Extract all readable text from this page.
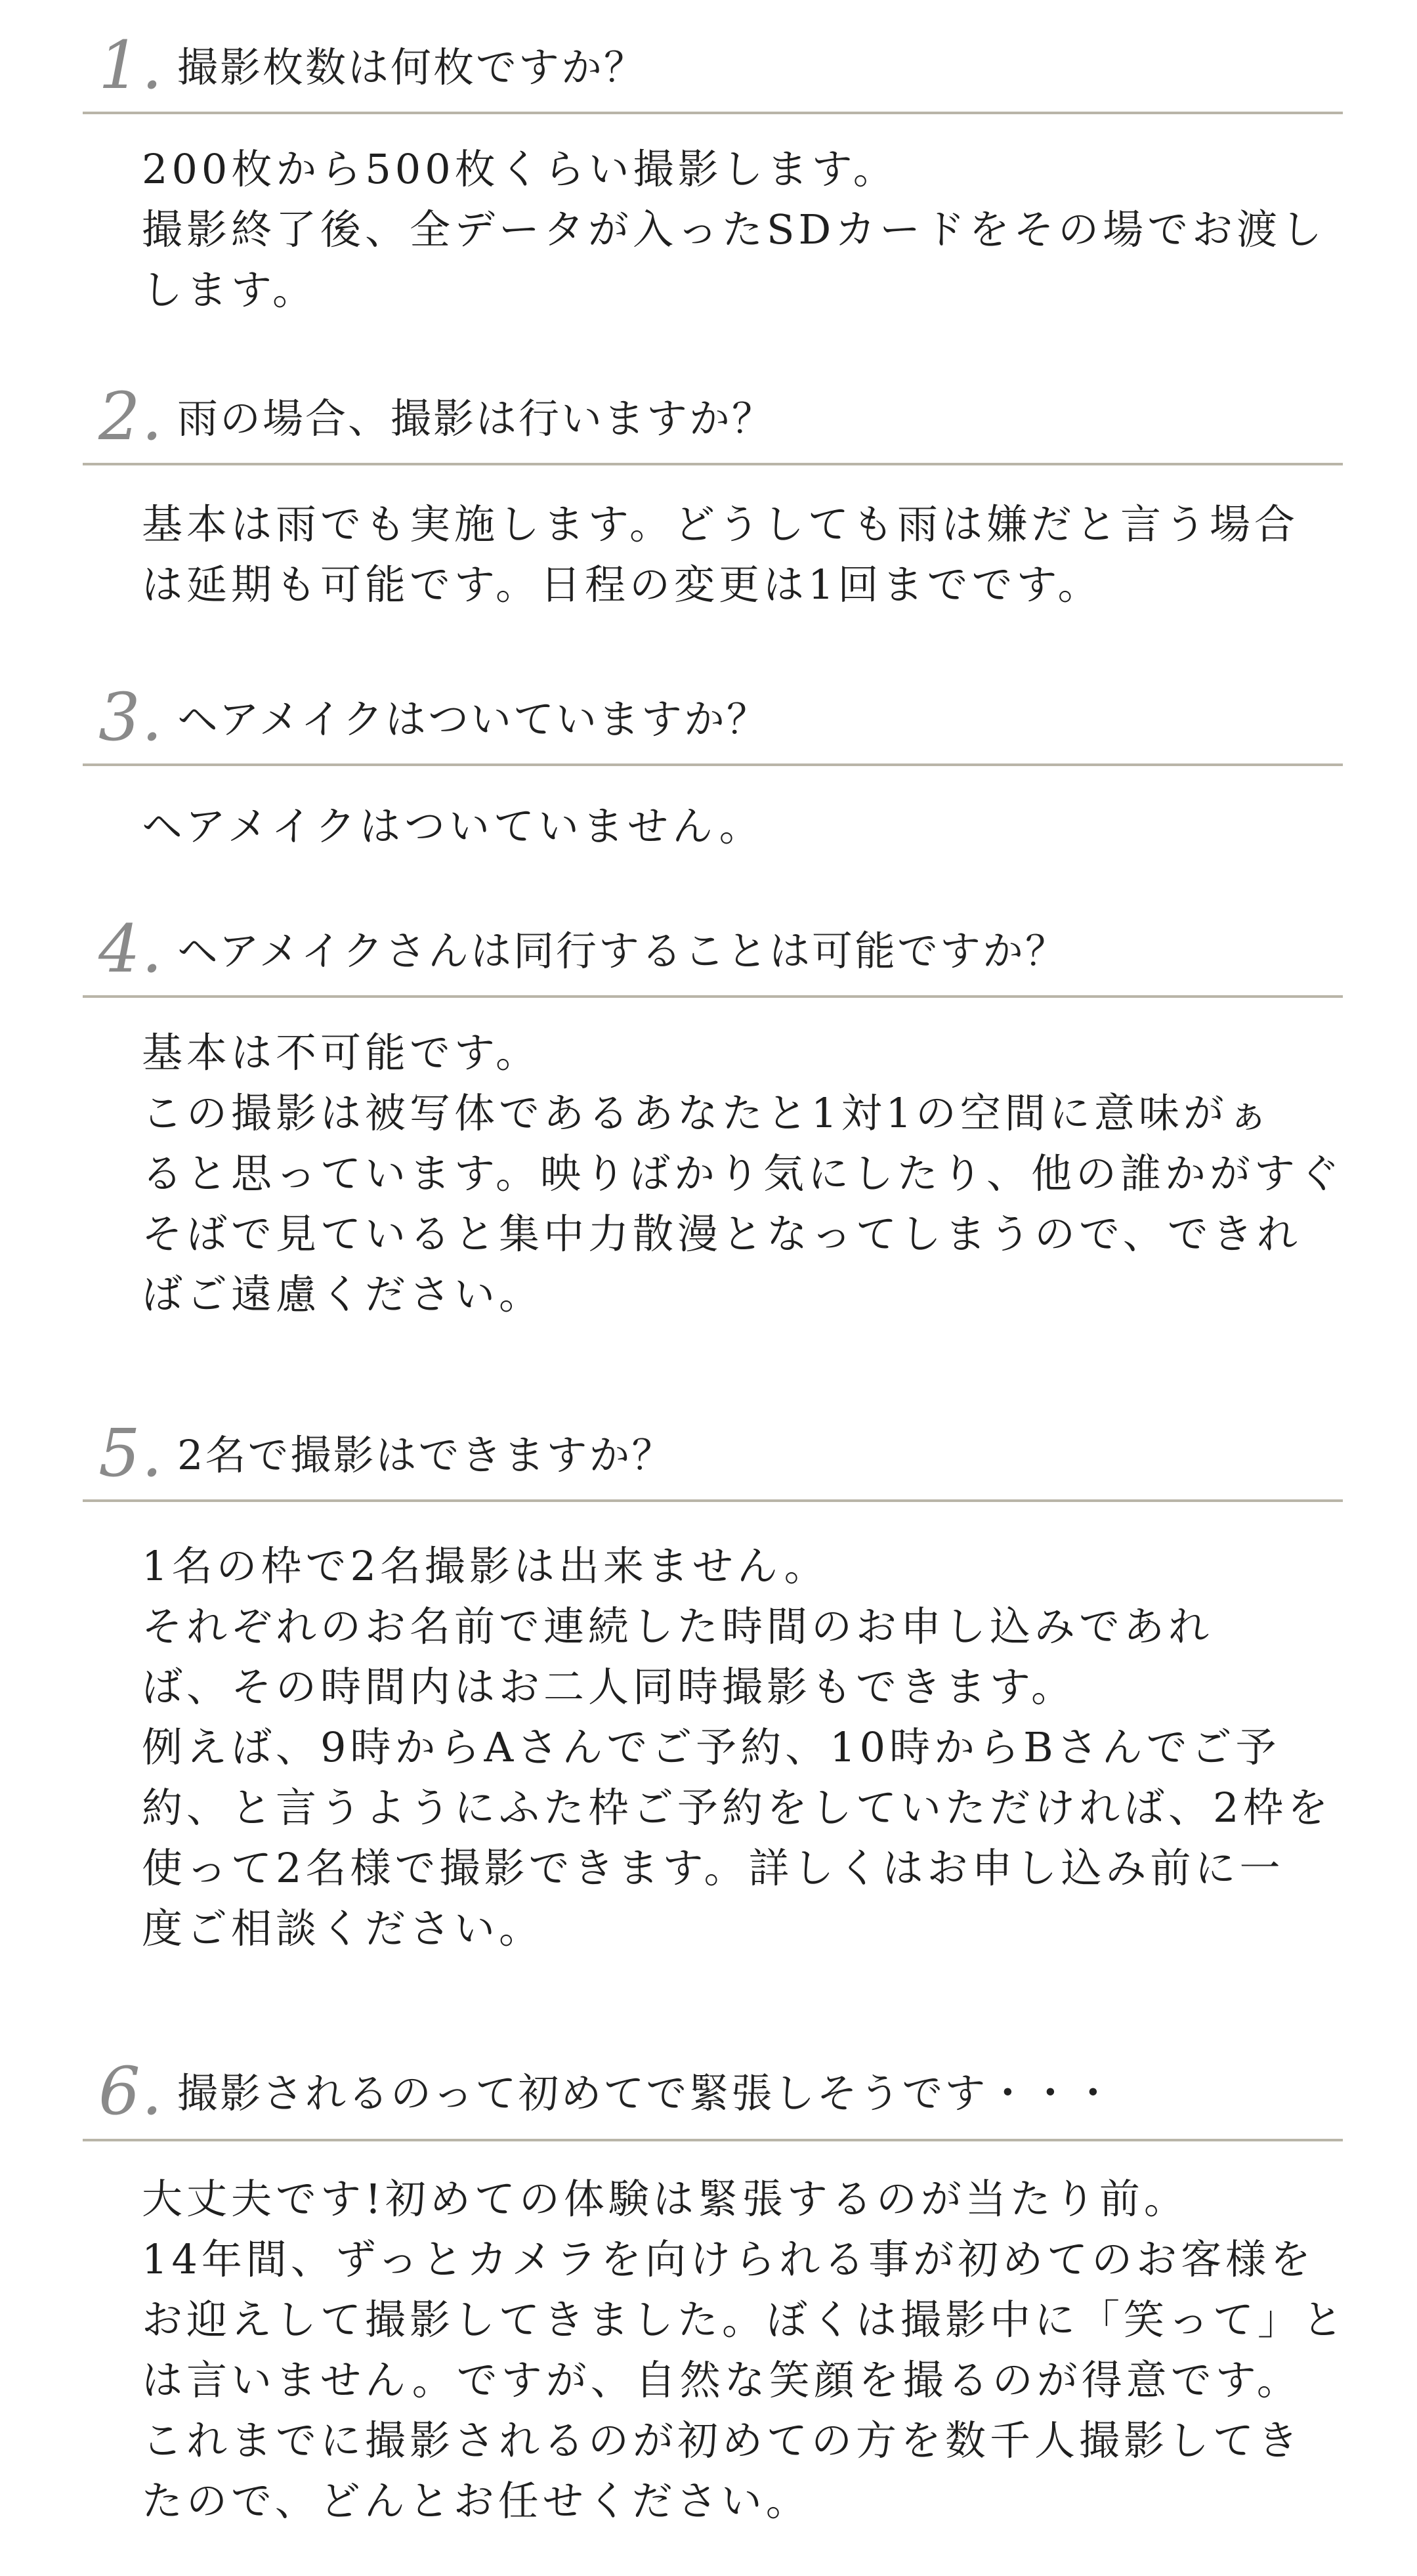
1. 撮影枚数は何枚ですか？
200枚から500枚くらい撮影します。
撮影終了後、全データが入ったSDカードをその場でお渡し
します。
2. 雨の場合、撮影は行いますか？
基本は雨でも実施します。どうしても雨は嫌だと言う場合
は延期も可能です。日程の変更は1回までです。
3. ヘアメイクはついていますか？
ヘアメイクはついていません。
4. ヘアメイクさんは同行することは可能ですか？
基本は不可能です。
この撮影は被写体であるあなたと1対1の空間に意味がぁ
ると思っています。映りばかり気にしたり、他の誰かがすぐ
そばで見ていると集中力散漫となってしまうので、できれ
ばご遠慮ください。
5. 2名で撮影はできますか？
1名の枠で2名撮影は出来ません。
それぞれのお名前で連続した時間のお申し込みであれ
ば、その時間内はお二人同時撮影もできます。
例えば、9時からAさんでご予約、10時からBさんでご予
約、と言うようにふた枠ご予約をしていただければ、2枠を
使って2名様で撮影できます。詳しくはお申し込み前に一
度ご相談ください。
6. 撮影されるのって初めてで緊張しそうです・・・
大丈夫です!初めての体験は緊張するのが当たり前。
14年間、ずっとカメラを向けられる事が初めてのお客様を
お迎えして撮影してきました。ぼくは撮影中に「笑って」と
は言いません。ですが、自然な笑顔を撮るのが得意です。
これまでに撮影されるのが初めての方を数千人撮影してき
たので、どんとお任せください。
